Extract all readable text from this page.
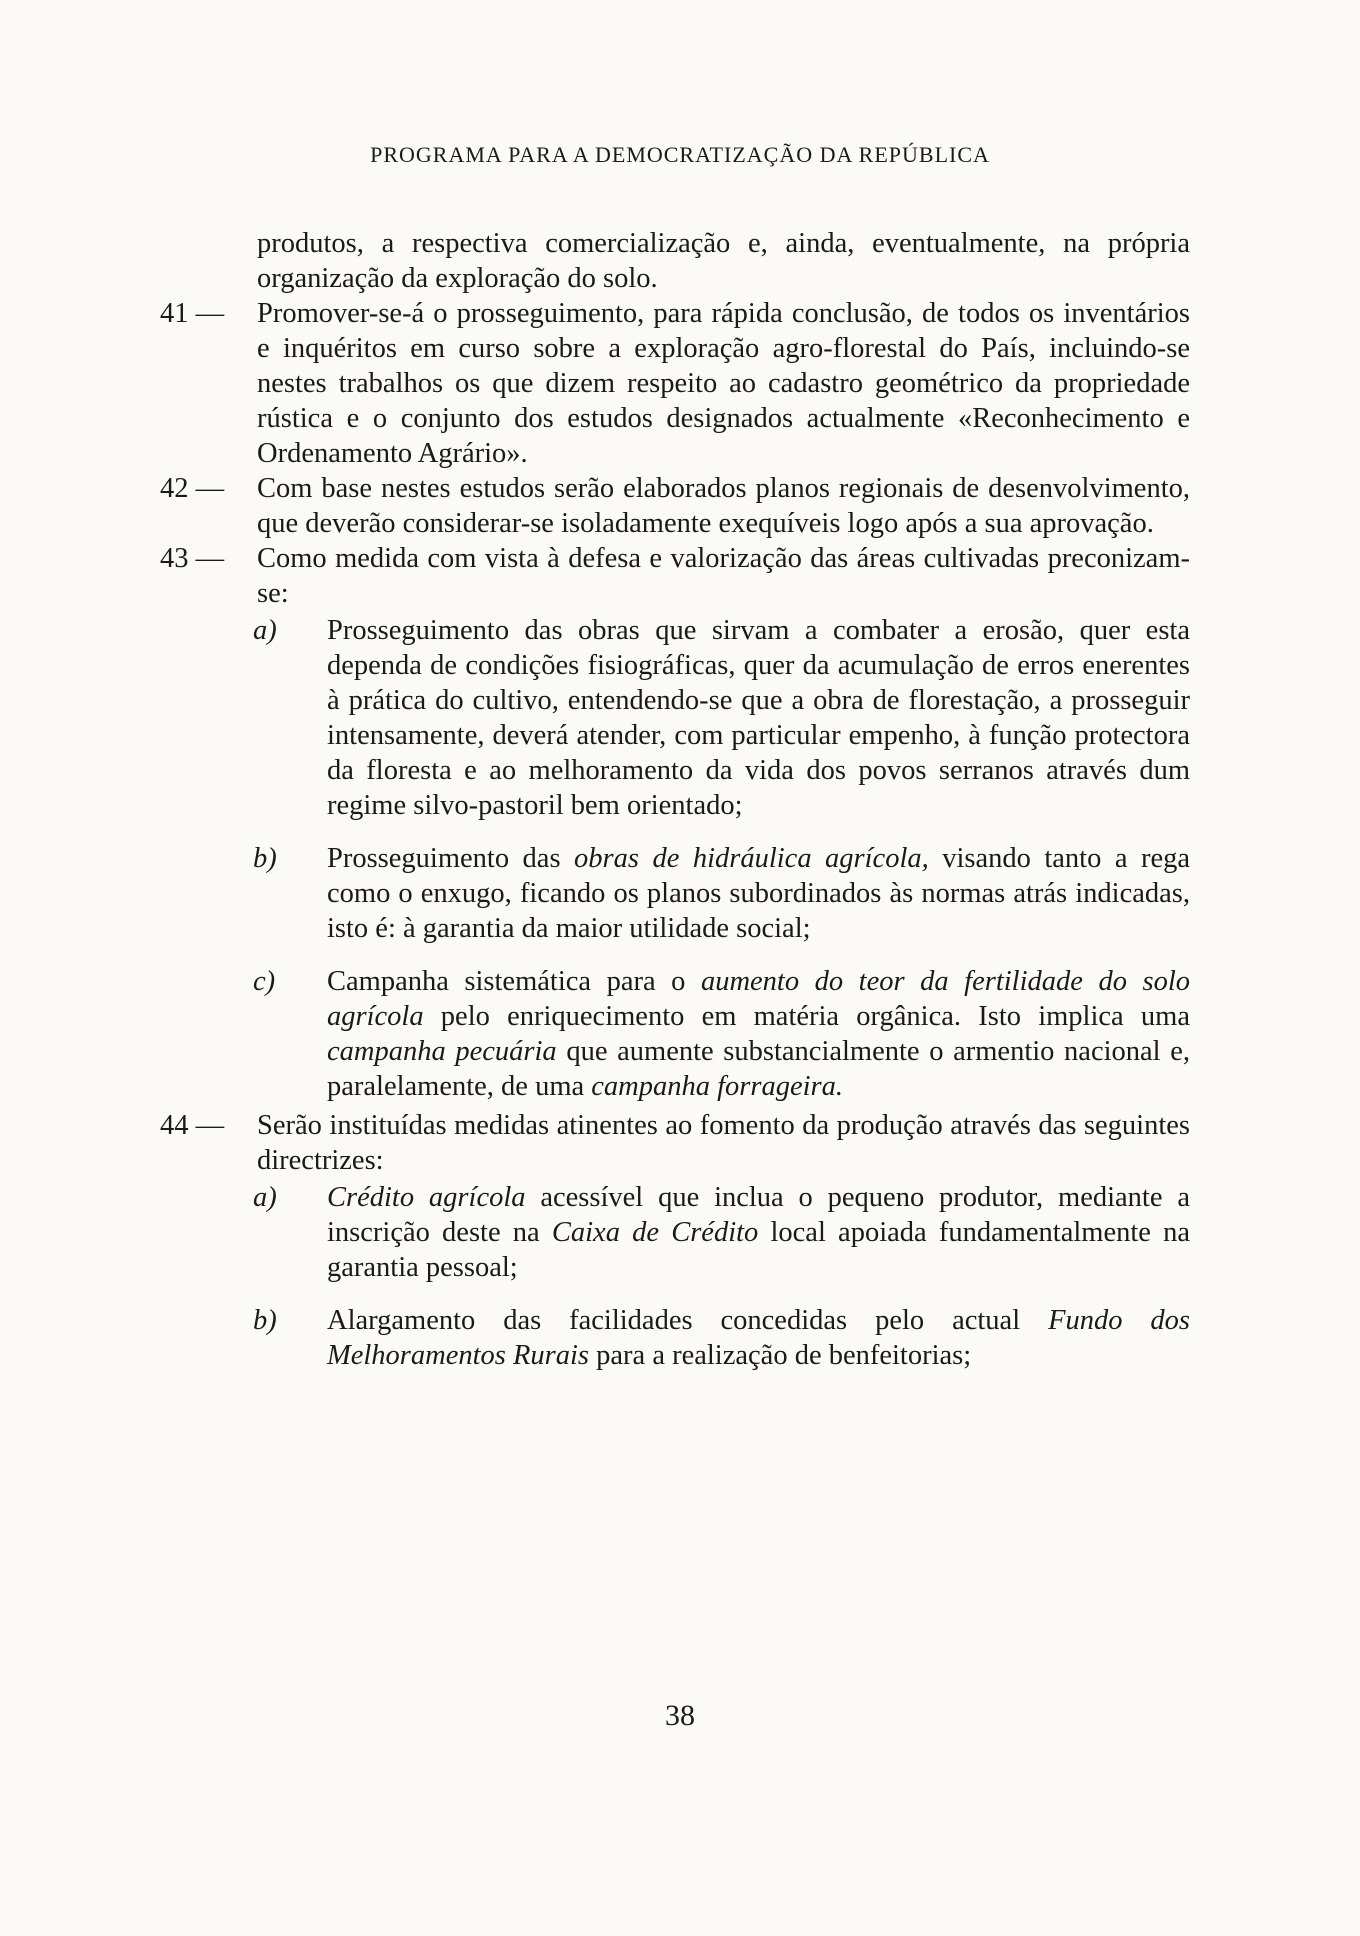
PROGRAMA PARA A DEMOCRATIZAÇÃO DA REPÚBLICA
produtos, a respectiva comercialização e, ainda, eventualmente, na própria organização da exploração do solo.
41 —	Promover-se-á o prosseguimento, para rápida conclusão, de todos os inventários e inquéritos em curso sobre a exploração agro-florestal do País, incluindo-se nestes trabalhos os que dizem respeito ao cadastro geométrico da propriedade rústica e o conjunto dos estudos designados actualmente «Reconhecimento e Ordenamento Agrário».
42 —	Com base nestes estudos serão elaborados planos regionais de desenvolvimento, que deverão considerar-se isoladamente exequíveis logo após a sua aprovação.
43 —	Como medida com vista à defesa e valorização das áreas cultivadas preconizam-se:
a) Prosseguimento das obras que sirvam a combater a erosão, quer esta dependa de condições fisiográficas, quer da acumulação de erros enerentes à prática do cultivo, entendendo-se que a obra de florestação, a prosseguir intensamente, deverá atender, com particular empenho, à função protectora da floresta e ao melhoramento da vida dos povos serranos através dum regime silvo-pastoril bem orientado;
b) Prosseguimento das obras de hidráulica agrícola, visando tanto a rega como o enxugo, ficando os planos subordinados às normas atrás indicadas, isto é: à garantia da maior utilidade social;
c) Campanha sistemática para o aumento do teor da fertilidade do solo agrícola pelo enriquecimento em matéria orgânica. Isto implica uma campanha pecuária que aumente substancialmente o armentio nacional e, paralelamente, de uma campanha forrageira.
44 —	Serão instituídas medidas atinentes ao fomento da produção através das seguintes directrizes:
a) Crédito agrícola acessível que inclua o pequeno produtor, mediante a inscrição deste na Caixa de Crédito local apoiada fundamentalmente na garantia pessoal;
b) Alargamento das facilidades concedidas pelo actual Fundo dos Melhoramentos Rurais para a realização de benfeitorias;
38
